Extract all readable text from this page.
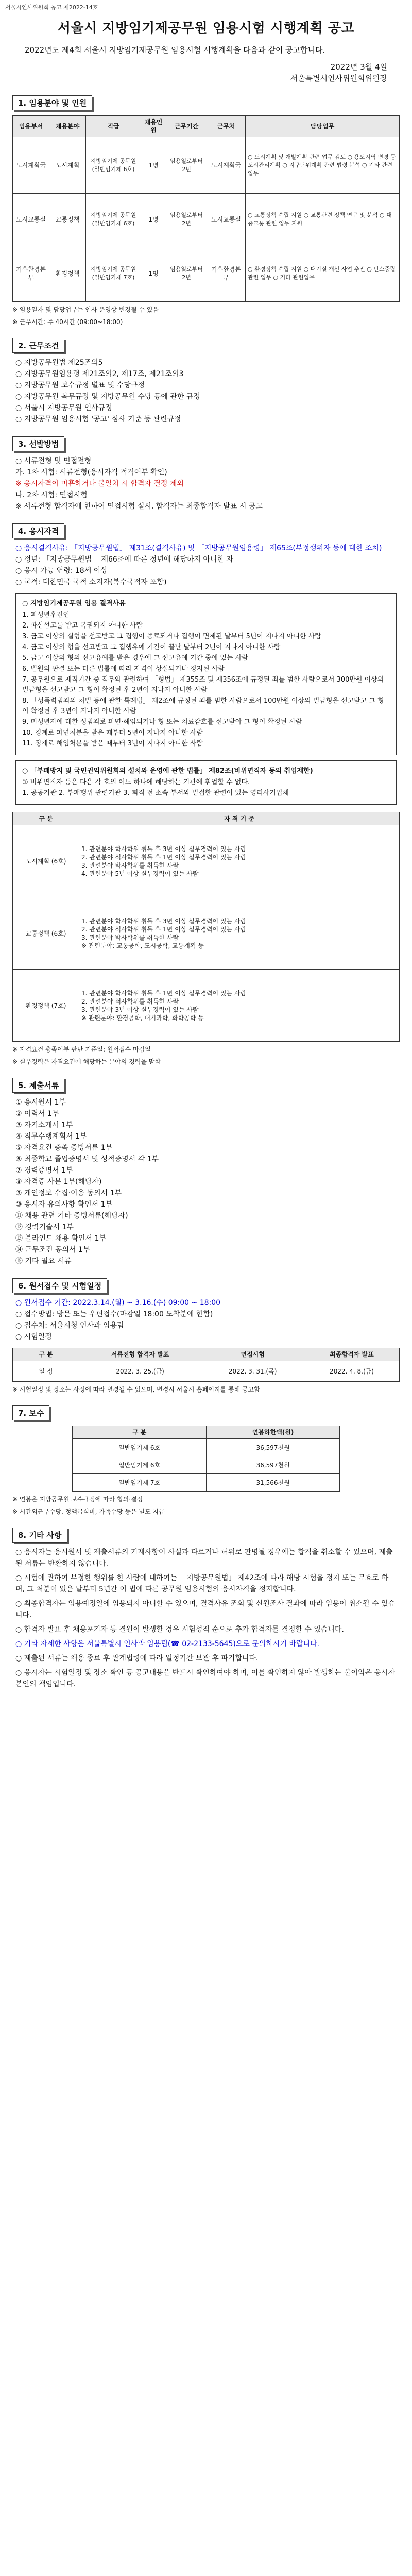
서울시인사위원회 공고 제2022-14호
서울시 지방임기제공무원 임용시험 시행계획 공고
2022년도 제4회 서울시 지방임기제공무원 임용시험 시행계획을 다음과 같이 공고합니다.
2022년 3월 4일
서울특별시인사위원회위원장
1. 임용분야 및 인원
임용부서	채용분야	직급	채용인원	근무기간	근무처	담당업무
도시계획국	도시계획	지방임기제 공무원(일반임기제 6호)	1명	임용일로부터 2년	도시계획국	○ 도시계획 및 개발계획 관련 업무 검토 ○ 용도지역 변경 등 도시관리계획 ○ 지구단위계획 관련 법령 분석 ○ 기타 관련업무
도시교통실	교통정책	지방임기제 공무원(일반임기제 6호)	1명	임용일로부터 2년	도시교통실	○ 교통정책 수립 지원 ○ 교통관련 정책 연구 및 분석 ○ 대중교통 관련 업무 지원
기후환경본부	환경정책	지방임기제 공무원(일반임기제 7호)	1명	임용일로부터 2년	기후환경본부	○ 환경정책 수립 지원 ○ 대기질 개선 사업 추진 ○ 탄소중립 관련 업무 ○ 기타 관련업무
※ 임용일자 및 담당업무는 인사 운영상 변경될 수 있음
※ 근무시간: 주 40시간 (09:00~18:00)
2. 근무조건
○ 지방공무원법 제25조의5
○ 지방공무원임용령 제21조의2, 제17조, 제21조의3
○ 지방공무원 보수규정 별표 및 수당규정
○ 지방공무원 복무규정 및 지방공무원 수당 등에 관한 규정
○ 서울시 지방공무원 인사규정
○ 지방공무원 임용시험 '공고' 심사 기준 등 관련규정
3. 선발방법
○ 서류전형 및 면접전형
가. 1차 시험: 서류전형(응시자격 적격여부 확인)
※ 응시자격이 미흡하거나 불일치 시 합격자 결정 제외
나. 2차 시험: 면접시험
※ 서류전형 합격자에 한하여 면접시험 실시, 합격자는 최종합격자 발표 시 공고
4. 응시자격
○ 응시결격사유: 「지방공무원법」 제31조(결격사유) 및 「지방공무원임용령」 제65조(부정행위자 등에 대한 조치)
○ 정년: 「지방공무원법」 제66조에 따른 정년에 해당하지 아니한 자
○ 응시 가능 연령: 18세 이상
○ 국적: 대한민국 국적 소지자(복수국적자 포함)
○ 지방임기제공무원 임용 결격사유
1. 피성년후견인
2. 파산선고를 받고 복권되지 아니한 사람
3. 금고 이상의 실형을 선고받고 그 집행이 종료되거나 집행이 면제된 날부터 5년이 지나지 아니한 사람
4. 금고 이상의 형을 선고받고 그 집행유예 기간이 끝난 날부터 2년이 지나지 아니한 사람
5. 금고 이상의 형의 선고유예를 받은 경우에 그 선고유예 기간 중에 있는 사람
6. 법원의 판결 또는 다른 법률에 따라 자격이 상실되거나 정지된 사람
7. 공무원으로 재직기간 중 직무와 관련하여 「형법」 제355조 및 제356조에 규정된 죄를 범한 사람으로서 300만원 이상의 벌금형을 선고받고 그 형이 확정된 후 2년이 지나지 아니한 사람
8. 「성폭력범죄의 처벌 등에 관한 특례법」 제2조에 규정된 죄를 범한 사람으로서 100만원 이상의 벌금형을 선고받고 그 형이 확정된 후 3년이 지나지 아니한 사람
9. 미성년자에 대한 성범죄로 파면·해임되거나 형 또는 치료감호를 선고받아 그 형이 확정된 사람
10. 징계로 파면처분을 받은 때부터 5년이 지나지 아니한 사람
11. 징계로 해임처분을 받은 때부터 3년이 지나지 아니한 사람
○ 「부패방지 및 국민권익위원회의 설치와 운영에 관한 법률」 제82조(비위면직자 등의 취업제한)
① 비위면직자 등은 다음 각 호의 어느 하나에 해당하는 기관에 취업할 수 없다.
1. 공공기관 2. 부패행위 관련기관 3. 퇴직 전 소속 부서와 밀접한 관련이 있는 영리사기업체
구 분	자 격 기 준
도시계획 (6호)	1. 관련분야 학사학위 취득 후 3년 이상 실무경력이 있는 사람
2. 관련분야 석사학위 취득 후 1년 이상 실무경력이 있는 사람
3. 관련분야 박사학위를 취득한 사람
4. 관련분야 5년 이상 실무경력이 있는 사람
교통정책 (6호)	1. 관련분야 학사학위 취득 후 3년 이상 실무경력이 있는 사람
2. 관련분야 석사학위 취득 후 1년 이상 실무경력이 있는 사람
3. 관련분야 박사학위를 취득한 사람
※ 관련분야: 교통공학, 도시공학, 교통계획 등
환경정책 (7호)	1. 관련분야 학사학위 취득 후 1년 이상 실무경력이 있는 사람
2. 관련분야 석사학위를 취득한 사람
3. 관련분야 3년 이상 실무경력이 있는 사람
※ 관련분야: 환경공학, 대기과학, 화학공학 등
※ 자격요건 충족여부 판단 기준일: 원서접수 마감일
※ 실무경력은 자격요건에 해당하는 분야의 경력을 말함
5. 제출서류
① 응시원서 1부
② 이력서 1부
③ 자기소개서 1부
④ 직무수행계획서 1부
⑤ 자격요건 충족 증빙서류 1부
⑥ 최종학교 졸업증명서 및 성적증명서 각 1부
⑦ 경력증명서 1부
⑧ 자격증 사본 1부(해당자)
⑨ 개인정보 수집·이용 동의서 1부
⑩ 응시자 유의사항 확인서 1부
⑪ 채용 관련 기타 증빙서류(해당자)
⑫ 경력기술서 1부
⑬ 블라인드 채용 확인서 1부
⑭ 근무조건 동의서 1부
⑮ 기타 필요 서류
6. 원서접수 및 시험일정
○ 원서접수 기간: 2022.3.14.(월) ~ 3.16.(수) 09:00 ~ 18:00
○ 접수방법: 방문 또는 우편접수(마감일 18:00 도착분에 한함)
○ 접수처: 서울시청 인사과 임용팀
○ 시험일정
구 분	서류전형 합격자 발표	면접시험	최종합격자 발표
일 정	2022. 3. 25.(금)	2022. 3. 31.(목)	2022. 4. 8.(금)
※ 시험일정 및 장소는 사정에 따라 변경될 수 있으며, 변경시 서울시 홈페이지를 통해 공고함
7. 보수
구 분	연봉하한액(원)
일반임기제 6호	36,597천원
일반임기제 6호	36,597천원
일반임기제 7호	31,566천원
※ 연봉은 지방공무원 보수규정에 따라 협의·결정
※ 시간외근무수당, 정액급식비, 가족수당 등은 별도 지급
8. 기타 사항
○ 응시자는 응시원서 및 제출서류의 기재사항이 사실과 다르거나 허위로 판명될 경우에는 합격을 취소할 수 있으며, 제출된 서류는 반환하지 않습니다.
○ 시험에 관하여 부정한 행위를 한 사람에 대하여는 「지방공무원법」 제42조에 따라 해당 시험을 정지 또는 무효로 하며, 그 처분이 있은 날부터 5년간 이 법에 따른 공무원 임용시험의 응시자격을 정지합니다.
○ 최종합격자는 임용예정일에 임용되지 아니할 수 있으며, 결격사유 조회 및 신원조사 결과에 따라 임용이 취소될 수 있습니다.
○ 합격자 발표 후 채용포기자 등 결원이 발생할 경우 시험성적 순으로 추가 합격자를 결정할 수 있습니다.
○ 기타 자세한 사항은 서울특별시 인사과 임용팀(☎ 02-2133-5645)으로 문의하시기 바랍니다.
○ 제출된 서류는 채용 종료 후 관계법령에 따라 일정기간 보관 후 파기합니다.
○ 응시자는 시험일정 및 장소 확인 등 공고내용을 반드시 확인하여야 하며, 이를 확인하지 않아 발생하는 불이익은 응시자 본인의 책임입니다.
